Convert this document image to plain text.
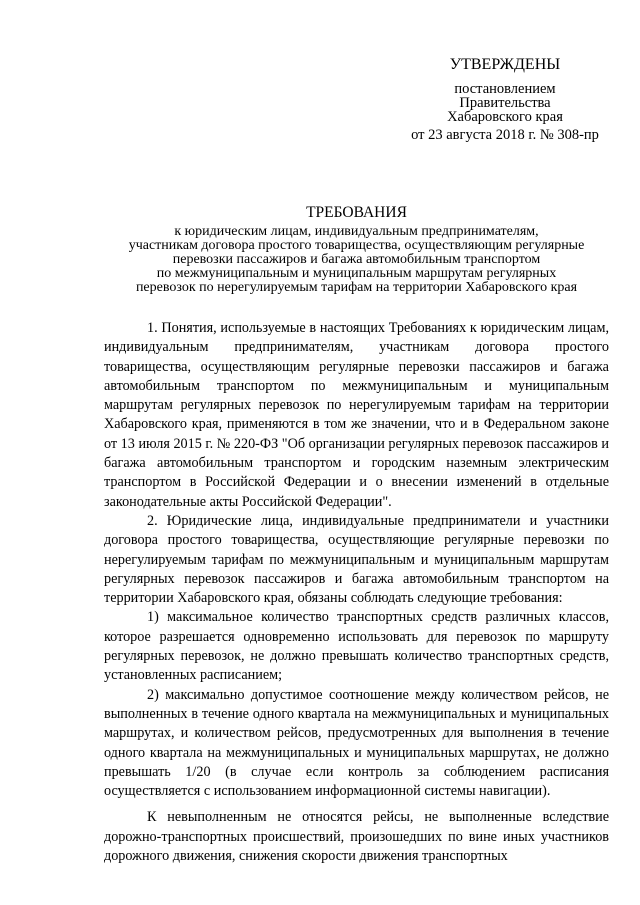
УТВЕРЖДЕНЫ
постановлением
Правительства
Хабаровского края
от 23 августа 2018 г. № 308-пр
ТРЕБОВАНИЯ
к юридическим лицам, индивидуальным предпринимателям,
участникам договора простого товарищества, осуществляющим регулярные
перевозки пассажиров и багажа автомобильным транспортом
по межмуниципальным и муниципальным маршрутам регулярных
перевозок по нерегулируемым тарифам на территории Хабаровского края

1. Понятия, используемые в настоящих Требованиях к юридическим лицам, индивидуальным предпринимателям, участникам договора простого товарищества, осуществляющим регулярные перевозки пассажиров и багажа автомобильным транспортом по межмуниципальным и муниципальным маршрутам регулярных перевозок по нерегулируемым тарифам на территории Хабаровского края, применяются в том же значении, что и в Федеральном законе от 13 июля 2015 г. № 220-ФЗ "Об организации регулярных перевозок пассажиров и багажа автомобильным транспортом и городским наземным электрическим транспортом в Российской Федерации и о внесении изменений в отдельные законодательные акты Российской Федерации".

2. Юридические лица, индивидуальные предприниматели и участники договора простого товарищества, осуществляющие регулярные перевозки по нерегулируемым тарифам по межмуниципальным и муниципальным маршрутам регулярных перевозок пассажиров и багажа автомобильным транспортом на территории Хабаровского края, обязаны соблюдать следующие требования:

1) максимальное количество транспортных средств различных классов, которое разрешается одновременно использовать для перевозок по маршруту регулярных перевозок, не должно превышать количество транспортных средств, установленных расписанием;

2) максимально допустимое соотношение между количеством рейсов, не выполненных в течение одного квартала на межмуниципальных и муниципальных маршрутах, и количеством рейсов, предусмотренных для выполнения в течение одного квартала на межмуниципальных и муниципальных маршрутах, не должно превышать 1/20 (в случае если контроль за соблюдением расписания осуществляется с использованием информационной системы навигации).

К невыполненным не относятся рейсы, не выполненные вследствие дорожно-транспортных происшествий, произошедших по вине иных участников дорожного движения, снижения скорости движения транспортных
